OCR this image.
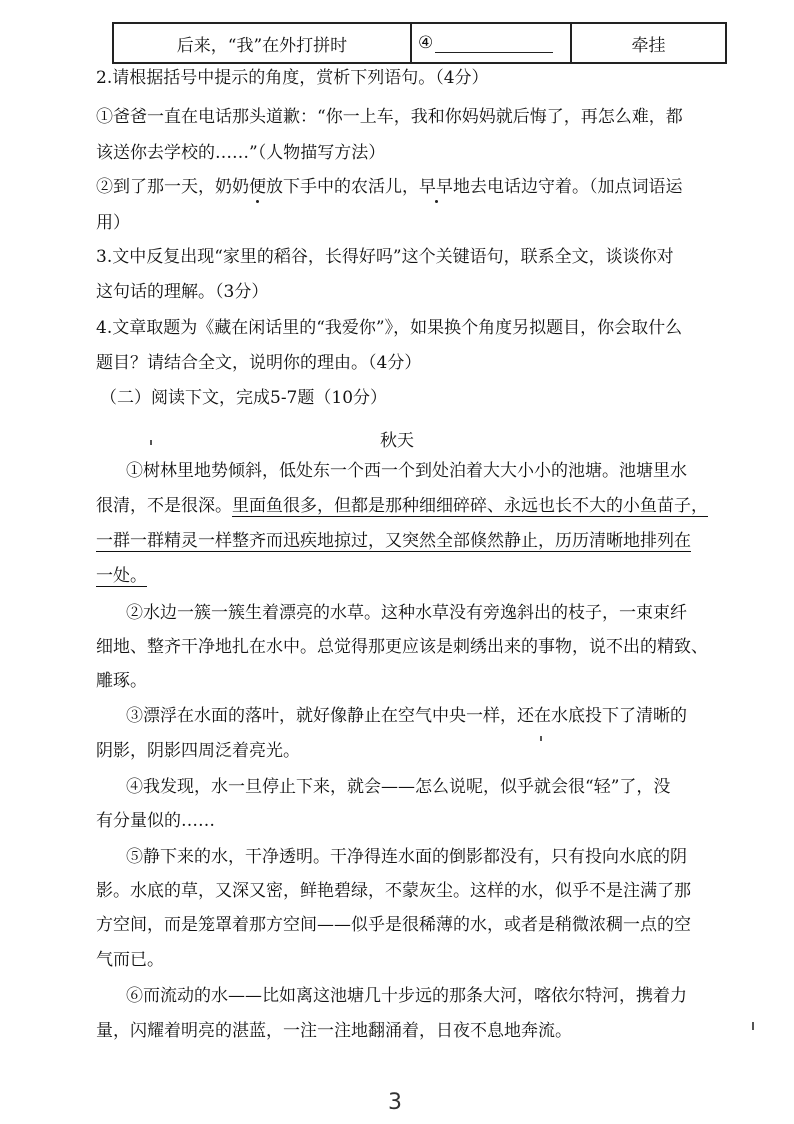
后来，“我”在外打拼时	④	牵挂
2.请根据括号中提示的角度，赏析下列语句。（4分）
①爸爸一直在电话那头道歉：“你一上车，我和你妈妈就后悔了，再怎么难，都
该送你去学校的……”（人物描写方法）
②到了那一天，奶奶便放下手中的农活儿，早早地去电话边守着。（加点词语运
用）
3.文中反复出现“家里的稻谷，长得好吗”这个关键语句，联系全文，谈谈你对
这句话的理解。（3分）
4.文章取题为《藏在闲话里的“我爱你”》，如果换个角度另拟题目，你会取什么
题目？请结合全文，说明你的理由。（4分）
（二）阅读下文，完成5-7题（10分）
秋天
①树林里地势倾斜，低处东一个西一个到处泊着大大小小的池塘。池塘里水
很清，不是很深。里面鱼很多，但都是那种细细碎碎、永远也长不大的小鱼苗子，
一群一群精灵一样整齐而迅疾地掠过，又突然全部倏然静止，历历清晰地排列在
一处。
②水边一簇一簇生着漂亮的水草。这种水草没有旁逸斜出的枝子，一束束纤
细地、整齐干净地扎在水中。总觉得那更应该是刺绣出来的事物，说不出的精致、
雕琢。
③漂浮在水面的落叶，就好像静止在空气中央一样，还在水底投下了清晰的
阴影，阴影四周泛着亮光。
④我发现，水一旦停止下来，就会——怎么说呢，似乎就会很“轻”了，没
有分量似的……
⑤静下来的水，干净透明。干净得连水面的倒影都没有，只有投向水底的阴
影。水底的草，又深又密，鲜艳碧绿，不蒙灰尘。这样的水，似乎不是注满了那
方空间，而是笼罩着那方空间——似乎是很稀薄的水，或者是稍微浓稠一点的空
气而已。
⑥而流动的水——比如离这池塘几十步远的那条大河，喀依尔特河，携着力
量，闪耀着明亮的湛蓝，一注一注地翻涌着，日夜不息地奔流。
3
